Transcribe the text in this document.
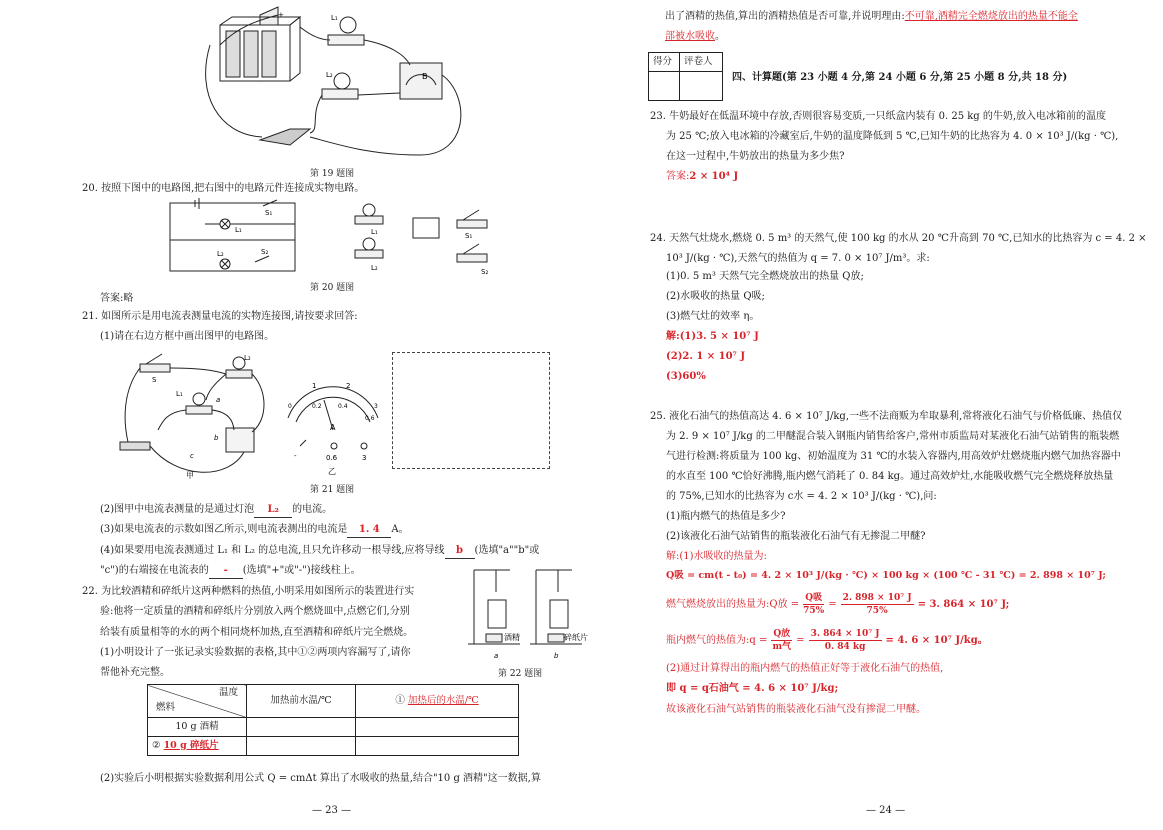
+	L₁
L₂	B
第 19 题图
20. 按照下图中的电路图,把右图中的电路元件连接成实物电路。
S₁
L₁
L₂	S₂
L₁
L₂
S₁
S₂
第 20 题图
答案:略
21. 如图所示是用电流表测量电流的实物连接图,请按要求回答:
(1)请在右边方框中画出图甲的电路图。
S
L₂
L₁
a
b
c
甲
1	2
0	0.2	0.4
0.6
3
A
-	0.6	3
乙
第 21 题图
(2)图甲中电流表测量的是通过灯泡 L₂ 的电流。
(3)如果电流表的示数如图乙所示,则电流表测出的电流是 1. 4 A。
(4)如果要用电流表测通过 L₁ 和 L₂ 的总电流,且只允许移动一根导线,应将导线 b (选填"a""b"或
"c")的右端接在电流表的 - (选填"+"或"-")接线柱上。
22. 为比较酒精和碎纸片这两种燃料的热值,小明采用如图所示的装置进行实
验:他将一定质量的酒精和碎纸片分别放入两个燃烧皿中,点燃它们,分别
给装有质量相等的水的两个相同烧杯加热,直至酒精和碎纸片完全燃烧。
(1)小明设计了一张记录实验数据的表格,其中①②两项内容漏写了,请你
帮他补充完整。
酒精	碎纸片
a	b
第 22 题图
温度
燃料	加热前水温/℃	① 加热后的水温/℃
10 g 酒精		
② 10 g 碎纸片		
(2)实验后小明根据实验数据利用公式 Q = cmΔt 算出了水吸收的热量,结合"10 g 酒精"这一数据,算
— 23 —
出了酒精的热值,算出的酒精热值是否可靠,并说明理由:不可靠,酒精完全燃烧放出的热量不能全
部被水吸收。
得分	评卷人

四、计算题(第 23 小题 4 分,第 24 小题 6 分,第 25 小题 8 分,共 18 分)
23. 牛奶最好在低温环境中存放,否则很容易变质,一只纸盒内装有 0. 25 kg 的牛奶,放入电冰箱前的温度
为 25 ℃;放入电冰箱的冷藏室后,牛奶的温度降低到 5 ℃,已知牛奶的比热容为 4. 0 × 10³ J/(kg · ℃),
在这一过程中,牛奶放出的热量为多少焦?
答案:2 × 10⁴ J
24. 天然气灶烧水,燃烧 0. 5 m³ 的天然气,使 100 kg 的水从 20 ℃升高到 70 ℃,已知水的比热容为 c = 4. 2 ×
10³ J/(kg · ℃),天然气的热值为 q = 7. 0 × 10⁷ J/m³。求:
(1)0. 5 m³ 天然气完全燃烧放出的热量 Q放;
(2)水吸收的热量 Q吸;
(3)燃气灶的效率 η。
解:(1)3. 5 × 10⁷ J
(2)2. 1 × 10⁷ J
(3)60%
25. 液化石油气的热值高达 4. 6 × 10⁷ J/kg,一些不法商贩为牟取暴利,常将液化石油气与价格低廉、热值仅
为 2. 9 × 10⁷ J/kg 的二甲醚混合装入钢瓶内销售给客户,常州市质监局对某液化石油气站销售的瓶装燃
气进行检测:将质量为 100 kg、初始温度为 31 ℃的水装入容器内,用高效炉灶燃烧瓶内燃气加热容器中
的水直至 100 ℃恰好沸腾,瓶内燃气消耗了 0. 84 kg。通过高效炉灶,水能吸收燃气完全燃烧释放热量
的 75%,已知水的比热容为 c水 = 4. 2 × 10³ J/(kg · ℃),问:
(1)瓶内燃气的热值是多少?
(2)该液化石油气站销售的瓶装液化石油气有无掺混二甲醚?
解:(1)水吸收的热量为:
Q吸 = cm(t - t₀) = 4. 2 × 10³ J/(kg · ℃) × 100 kg × (100 ℃ - 31 ℃) = 2. 898 × 10⁷ J;
燃气燃烧放出的热量为:Q放 =
Q吸
75%
= $\frac{\text{2. 898 × 10⁷ J}}{75\%} = 3$. 864 × 10⁷ J;
瓶内燃气的热值为:q =
Q放
m气
= $\frac{\text{3. 864 × 10⁷ J}}{0. 84 kg} = 4$. 6 × 10⁷ J/kg。
(2)通过计算得出的瓶内燃气的热值正好等于液化石油气的热值,
即 q = q石油气 = 4. 6 × 10⁷ J/kg;
故该液化石油气站销售的瓶装液化石油气没有掺混二甲醚。
— 24 —
